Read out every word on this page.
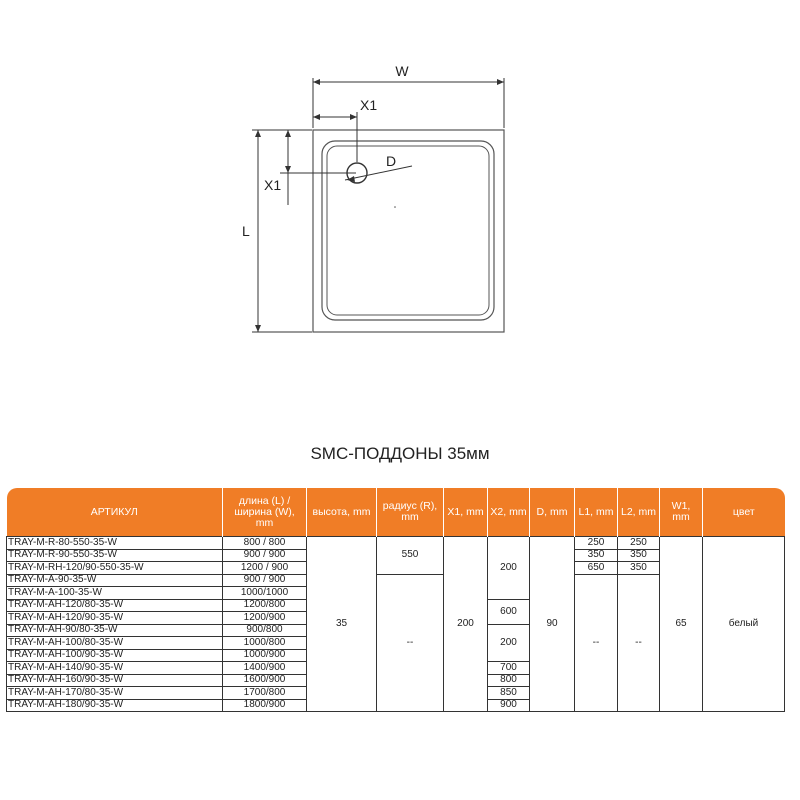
W
X1
X1
L
D
SMC-ПОДДОНЫ 35мм
АРТИКУЛ	длина (L) / ширина (W), mm	высота, mm	радиус (R), mm	X1, mm	X2, mm	D, mm	L1, mm	L2, mm	W1, mm	цвет
TRAY-M-R-80-550-35-W	800 / 800	35	550	200	200	90	250	250	65	белый
TRAY-M-R-90-550-35-W	900 / 900						350	350		
TRAY-M-RH-120/90-550-35-W	1200 / 900						650	350		
TRAY-M-A-90-35-W	900 / 900		--				--	--		
TRAY-M-A-100-35-W	1000/1000									
TRAY-M-AH-120/80-35-W	1200/800				600					
TRAY-M-AH-120/90-35-W	1200/900									
TRAY-M-AH-90/80-35-W	900/800				200					
TRAY-M-AH-100/80-35-W	1000/800									
TRAY-M-AH-100/90-35-W	1000/900									
TRAY-M-AH-140/90-35-W	1400/900				700					
TRAY-M-AH-160/90-35-W	1600/900				800					
TRAY-M-AH-170/80-35-W	1700/800				850					
TRAY-M-AH-180/90-35-W	1800/900				900					
